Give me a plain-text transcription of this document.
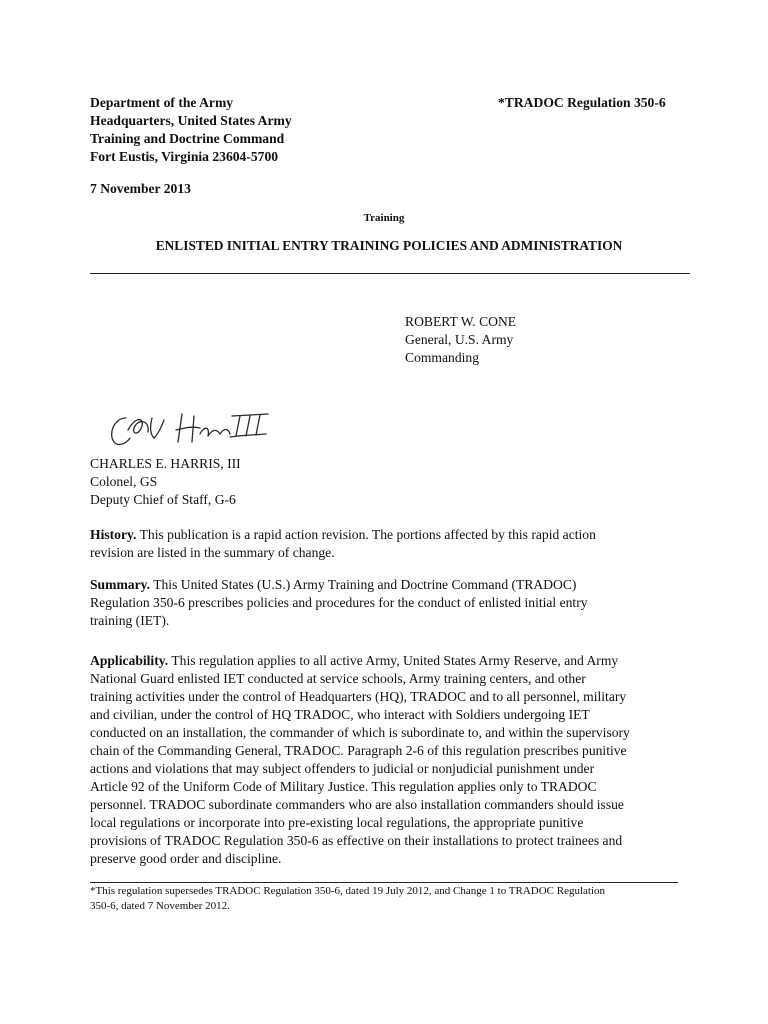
Department of the Army
Headquarters, United States Army
Training and Doctrine Command
Fort Eustis, Virginia 23604-5700
*TRADOC Regulation 350-6
7 November 2013
Training
ENLISTED INITIAL ENTRY TRAINING POLICIES AND ADMINISTRATION
ROBERT W. CONE
General, U.S. Army
Commanding
CHARLES E. HARRIS, III
Colonel, GS
Deputy Chief of Staff, G-6

History. This publication is a rapid action revision. The portions affected by this rapid action

revision are listed in the summary of change.

Summary. This United States (U.S.) Army Training and Doctrine Command (TRADOC)

Regulation 350-6 prescribes policies and procedures for the conduct of enlisted initial entry

training (IET).

Applicability. This regulation applies to all active Army, United States Army Reserve, and Army

National Guard enlisted IET conducted at service schools, Army training centers, and other

training activities under the control of Headquarters (HQ), TRADOC and to all personnel, military

and civilian, under the control of HQ TRADOC, who interact with Soldiers undergoing IET

conducted on an installation, the commander of which is subordinate to, and within the supervisory

chain of the Commanding General, TRADOC. Paragraph 2-6 of this regulation prescribes punitive

actions and violations that may subject offenders to judicial or nonjudicial punishment under

Article 92 of the Uniform Code of Military Justice. This regulation applies only to TRADOC

personnel. TRADOC subordinate commanders who are also installation commanders should issue

local regulations or incorporate into pre-existing local regulations, the appropriate punitive

provisions of TRADOC Regulation 350-6 as effective on their installations to protect trainees and

preserve good order and discipline.

*This regulation supersedes TRADOC Regulation 350-6, dated 19 July 2012, and Change 1 to TRADOC Regulation

350-6, dated 7 November 2012.
